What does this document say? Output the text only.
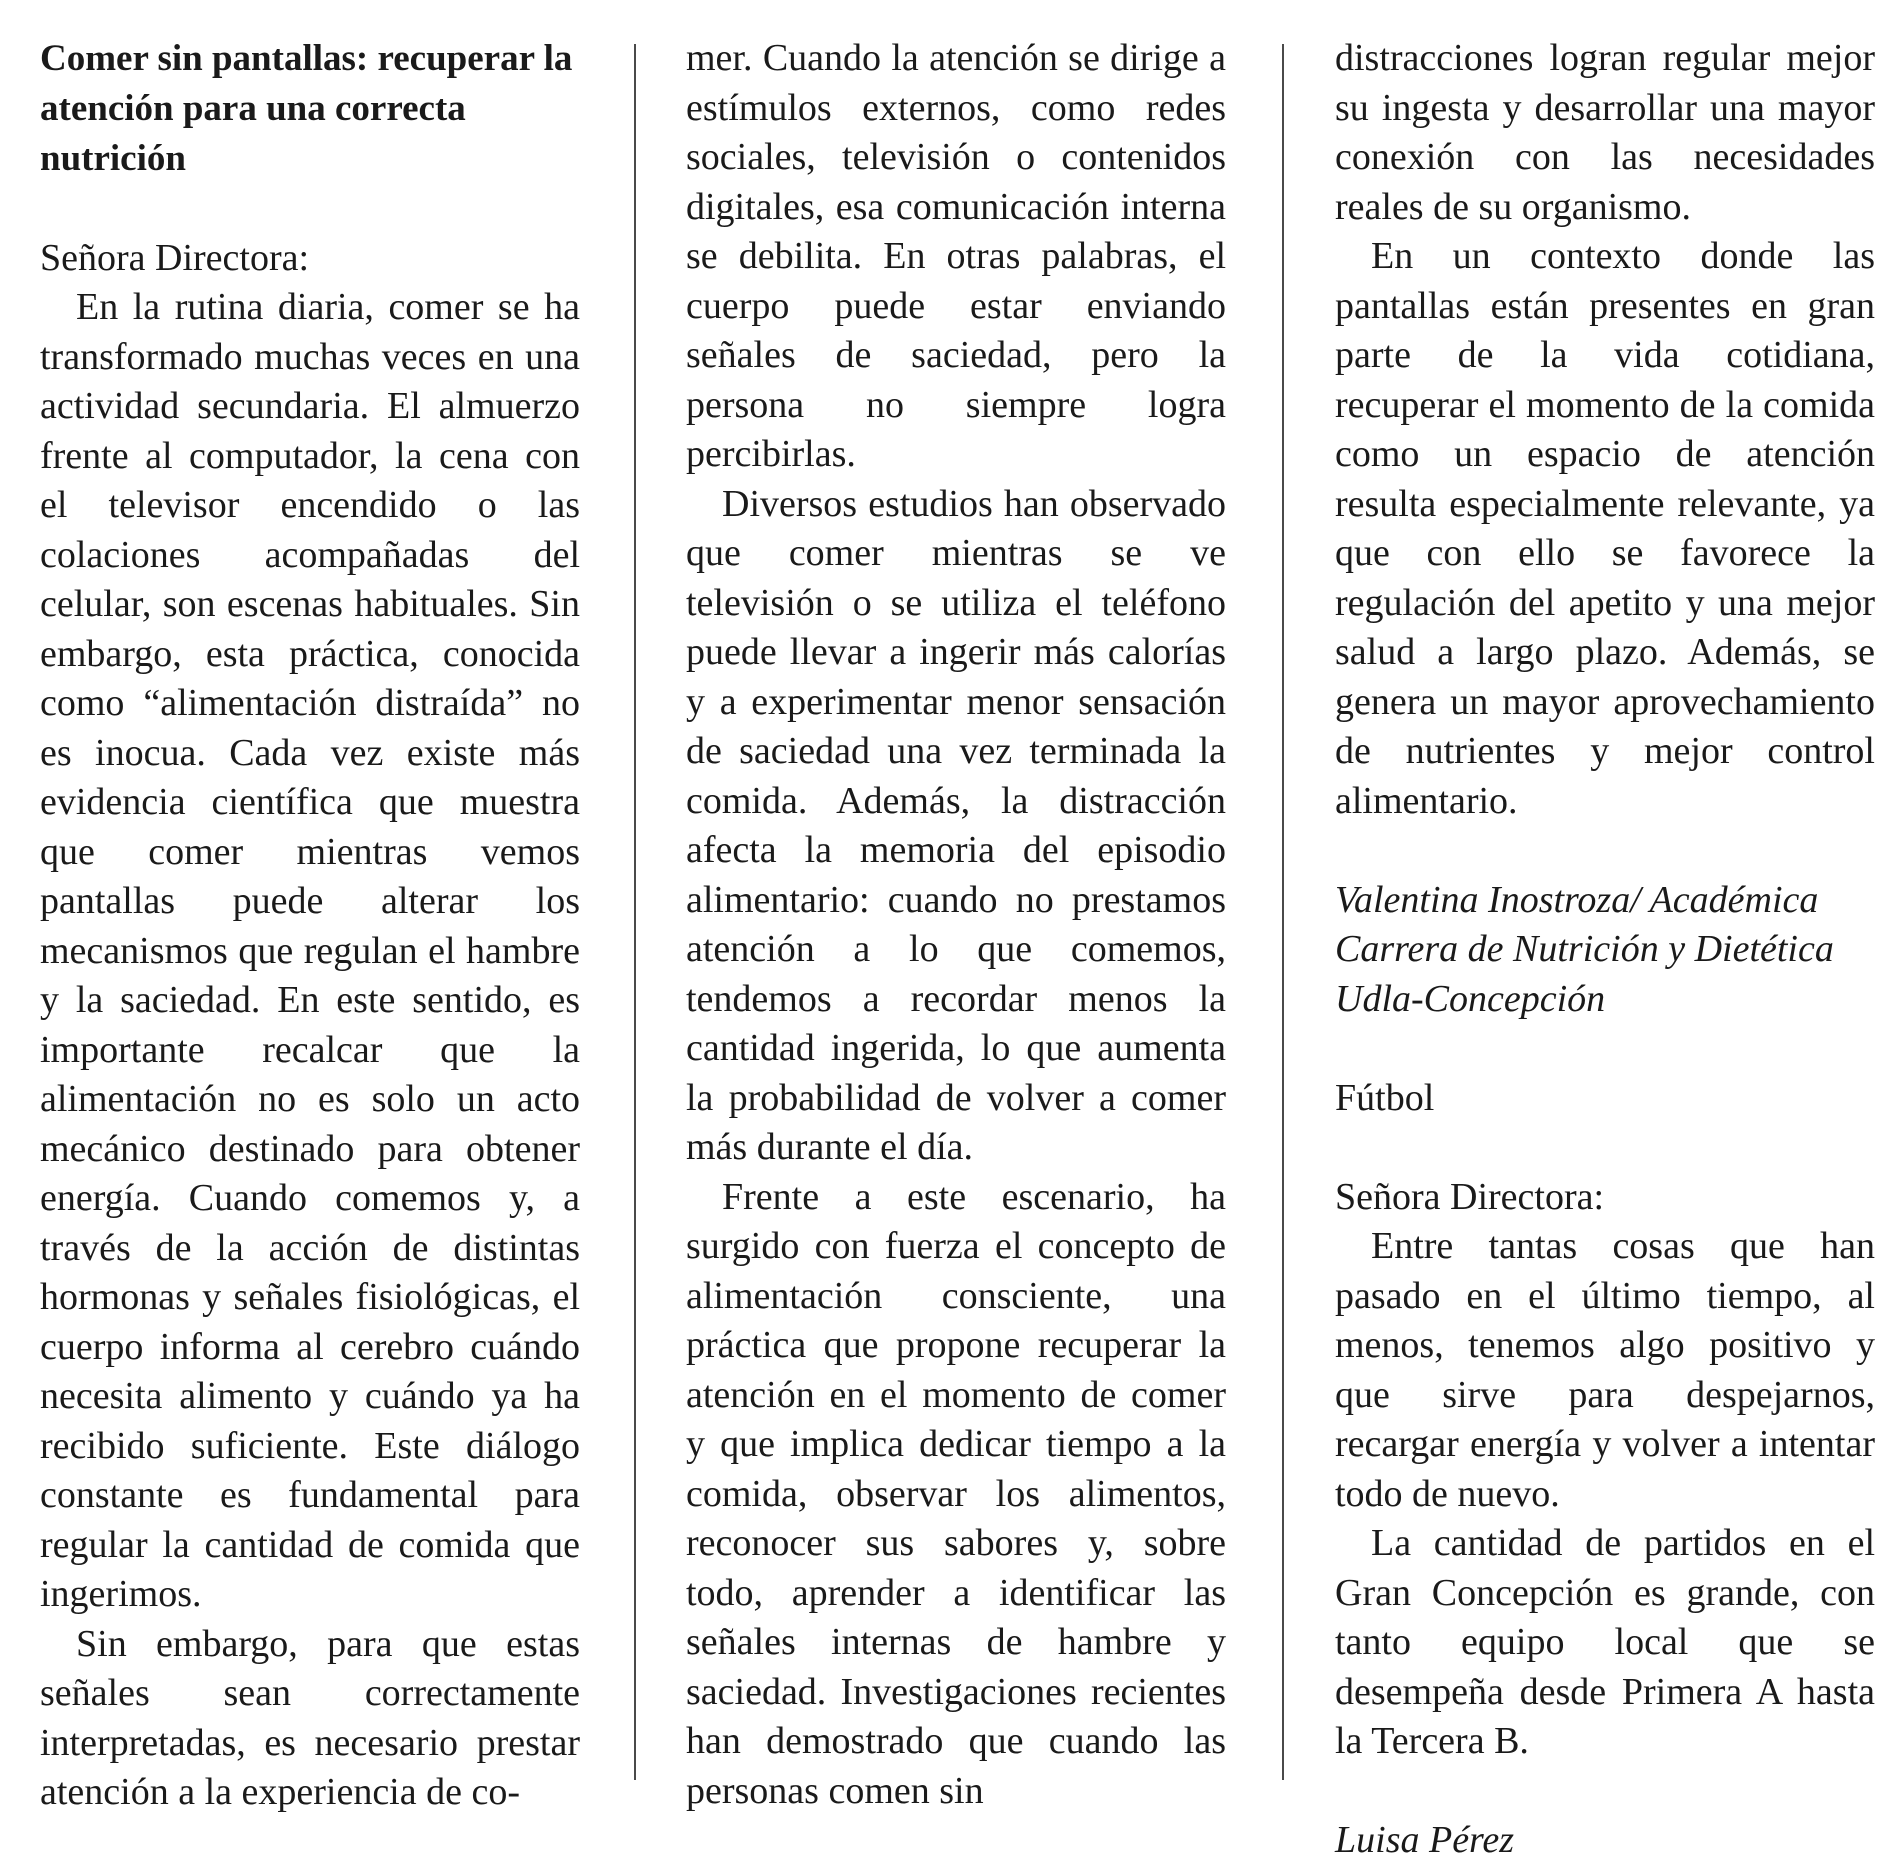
Comer sin pantallas: recuperar la atención para una correcta nutrición

Señora Directora:

En la rutina diaria, comer se ha transformado muchas veces en una actividad secundaria. El almuerzo frente al computador, la cena con el televisor encendido o las colaciones acompañadas del celular, son escenas habituales. Sin embargo, esta práctica, conocida como “alimentación distraída” no es inocua. Cada vez existe más evidencia científica que muestra que comer mientras vemos pantallas puede alterar los mecanismos que regulan el hambre y la saciedad. En este sentido, es importante recalcar que la alimentación no es solo un acto mecánico destinado para obtener energía. Cuando comemos y, a través de la acción de distintas hormonas y señales fisiológicas, el cuerpo informa al cerebro cuándo necesita alimento y cuándo ya ha recibido suficiente. Este diálogo constante es fundamental para regular la cantidad de comida que ingerimos.

Sin embargo, para que estas señales sean correctamente interpretadas, es necesario prestar atención a la experiencia de co-

mer. Cuando la atención se dirige a estímulos externos, como redes sociales, televisión o contenidos digitales, esa comunicación interna se debilita. En otras palabras, el cuerpo puede estar enviando señales de saciedad, pero la persona no siempre logra percibirlas.

Diversos estudios han observado que comer mientras se ve televisión o se utiliza el teléfono puede llevar a ingerir más calorías y a experimentar menor sensación de saciedad una vez terminada la comida. Además, la distracción afecta la memoria del episodio alimentario: cuando no prestamos atención a lo que comemos, tendemos a recordar menos la cantidad ingerida, lo que aumenta la probabilidad de volver a comer más durante el día.

Frente a este escenario, ha surgido con fuerza el concepto de alimentación consciente, una práctica que propone recuperar la atención en el momento de comer y que implica dedicar tiempo a la comida, observar los alimentos, reconocer sus sabores y, sobre todo, aprender a identificar las señales internas de hambre y saciedad. Investigaciones recientes han demostrado que cuando las personas comen sin

distracciones logran regular mejor su ingesta y desarrollar una mayor conexión con las necesidades reales de su organismo.

En un contexto donde las pantallas están presentes en gran parte de la vida cotidiana, recuperar el momento de la comida como un espacio de atención resulta especialmente relevante, ya que con ello se favorece la regulación del apetito y una mejor salud a largo plazo. Además, se genera un mayor aprovechamiento de nutrientes y mejor control alimentario.

Valentina Inostroza/ Académica

Carrera de Nutrición y Dietética

Udla-Concepción

Fútbol

Señora Directora:

Entre tantas cosas que han pasado en el último tiempo, al menos, tenemos algo positivo y que sirve para despejarnos, recargar energía y volver a intentar todo de nuevo.

La cantidad de partidos en el Gran Concepción es grande, con tanto equipo local que se desempeña desde Primera A hasta la Tercera B.

Luisa Pérez
